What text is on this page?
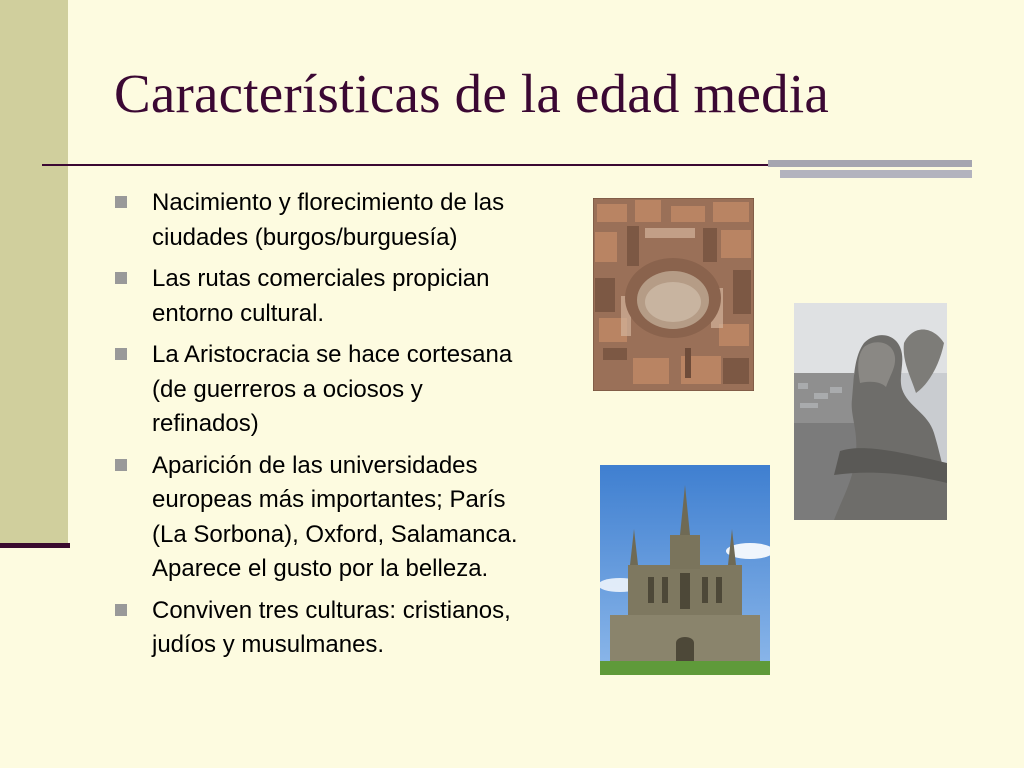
Características de la edad media
Nacimiento y florecimiento de las ciudades (burgos/burguesía)
Las rutas comerciales propician entorno cultural.
La Aristocracia se hace cortesana (de guerreros a ociosos y refinados)
Aparición de las universidades europeas más importantes; París (La Sorbona), Oxford, Salamanca. Aparece el gusto por la belleza.
Conviven tres culturas: cristianos, judíos y musulmanes.
